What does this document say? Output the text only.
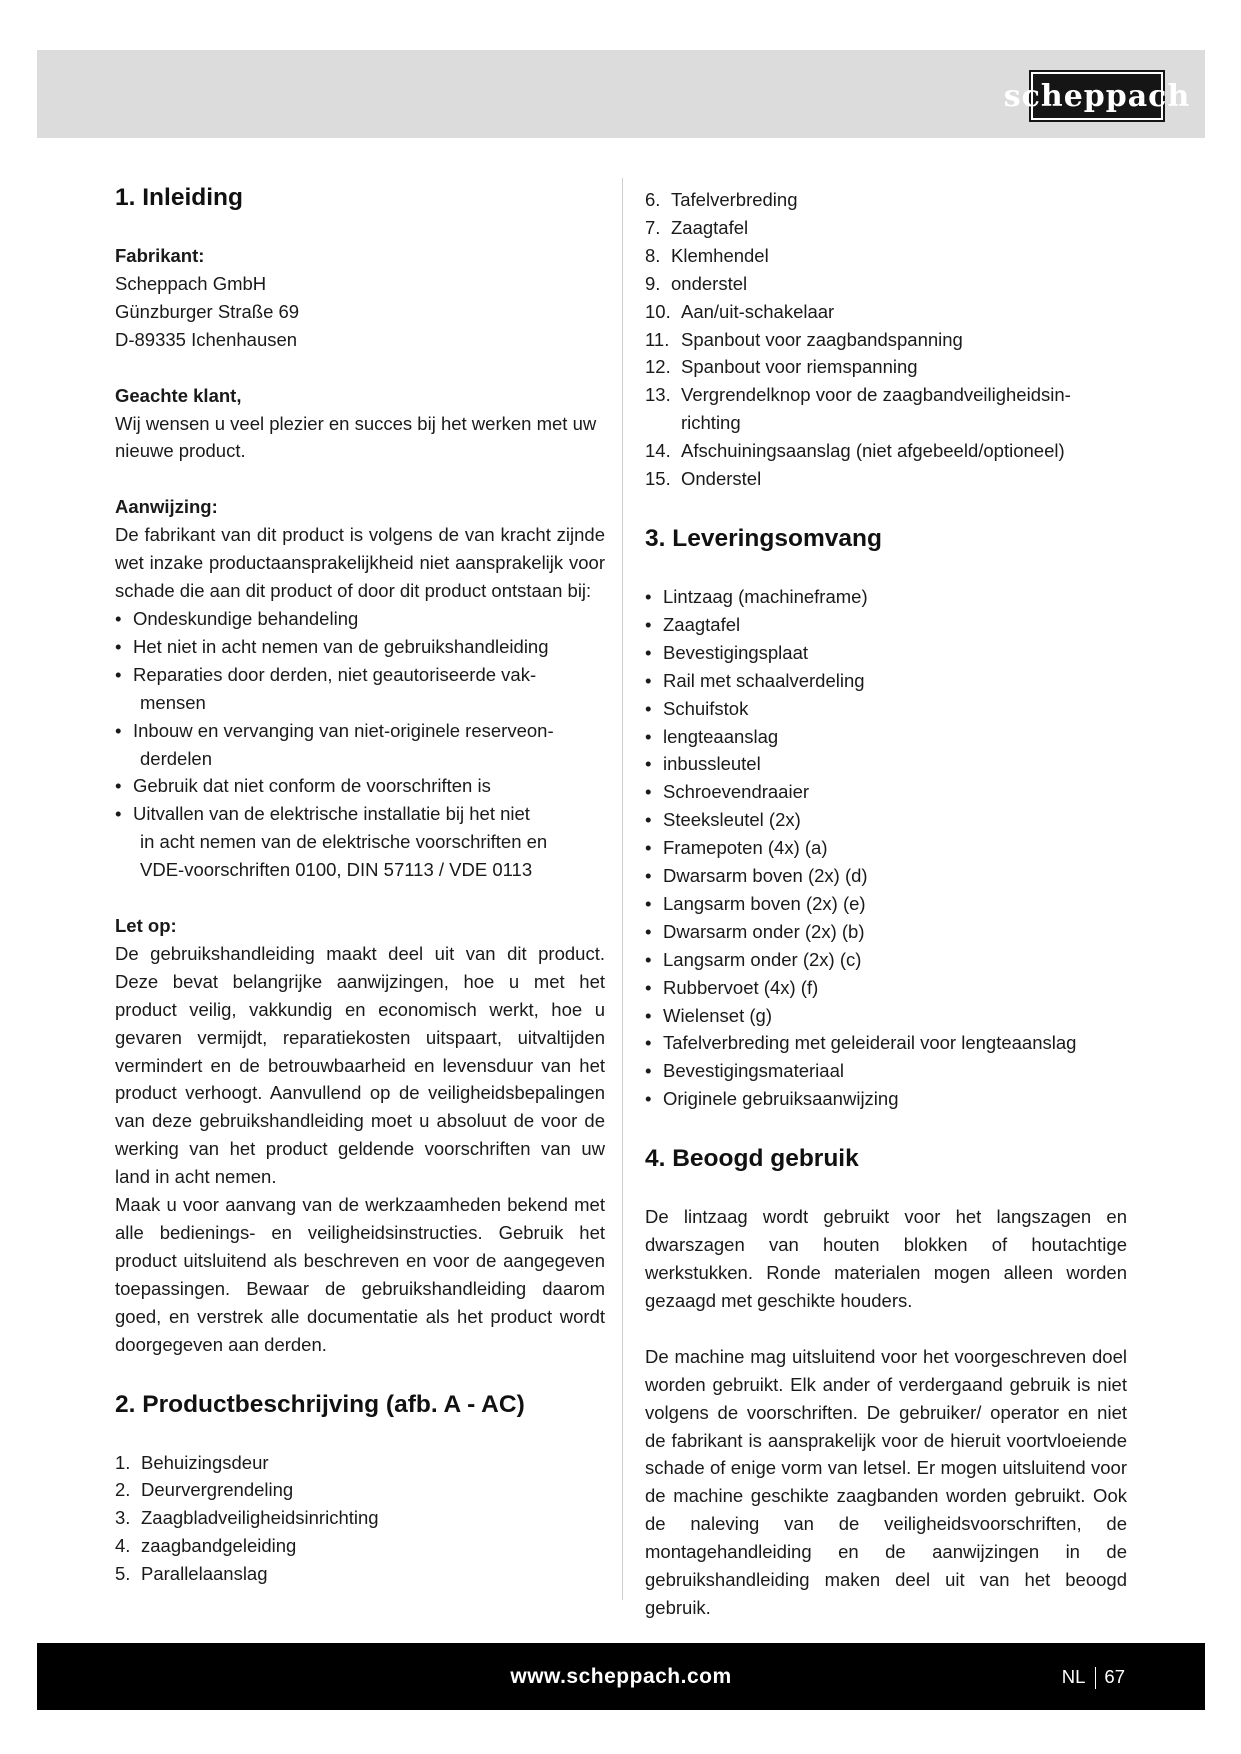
scheppach
1. Inleiding

Fabrikant:

Scheppach GmbH

Günzburger Straße 69

D-89335 Ichenhausen

Geachte klant,

Wij wensen u veel plezier en succes bij het werken met uw nieuwe product.

Aanwijzing:

De fabrikant van dit product is volgens de van kracht zijnde wet inzake productaansprakelijkheid niet aansprakelijk voor schade die aan dit product of door dit product ontstaan bij:

• Ondeskundige behandeling
• Het niet in acht nemen van de gebruikshandleiding
• Reparaties door derden, niet geautoriseerde vak-
mensen
• Inbouw en vervanging van niet-originele reserveon-
derdelen
• Gebruik dat niet conform de voorschriften is
• Uitvallen van de elektrische installatie bij het niet
in acht nemen van de elektrische voorschriften en
VDE-voorschriften 0100, DIN 57113 / VDE 0113

Let op:

De gebruikshandleiding maakt deel uit van dit product. Deze bevat belangrijke aanwijzingen, hoe u met het product veilig, vakkundig en economisch werkt, hoe u gevaren vermijdt, reparatiekosten uitspaart, uitvaltijden vermindert en de betrouwbaarheid en levensduur van het product verhoogt. Aanvullend op de veiligheidsbepalingen van deze gebruikshandleiding moet u absoluut de voor de werking van het product geldende voorschriften van uw land in acht nemen.

Maak u voor aanvang van de werkzaamheden bekend met alle bedienings- en veiligheidsinstructies. Gebruik het product uitsluitend als beschreven en voor de aangegeven toepassingen. Bewaar de gebruikshandleiding daarom goed, en verstrek alle documentatie als het product wordt doorgegeven aan derden.

2. Productbeschrijving (afb. A - AC)
1. Behuizingsdeur
2. Deurvergrendeling
3. Zaagbladveiligheidsinrichting
4. zaagbandgeleiding
5. Parallelaanslag
6. Tafelverbreding
7. Zaagtafel
8. Klemhendel
9. onderstel
10. Aan/uit-schakelaar
11. Spanbout voor zaagbandspanning
12. Spanbout voor riemspanning
13. Vergrendelknop voor de zaagbandveiligheidsin-
richting
14. Afschuiningsaanslag (niet afgebeeld/optioneel)
15. Onderstel
3. Leveringsomvang
• Lintzaag (machineframe)
• Zaagtafel
• Bevestigingsplaat
• Rail met schaalverdeling
• Schuifstok
• lengteaanslag
• inbussleutel
• Schroevendraaier
• Steeksleutel (2x)
• Framepoten (4x) (a)
• Dwarsarm boven (2x) (d)
• Langsarm boven (2x) (e)
• Dwarsarm onder (2x) (b)
• Langsarm onder (2x) (c)
• Rubbervoet (4x) (f)
• Wielenset (g)
• Tafelverbreding met geleiderail voor lengteaanslag
• Bevestigingsmateriaal
• Originele gebruiksaanwijzing
4. Beoogd gebruik

De lintzaag wordt gebruikt voor het langszagen en dwarszagen van houten blokken of houtachtige werkstukken. Ronde materialen mogen alleen worden gezaagd met geschikte houders.

De machine mag uitsluitend voor het voorgeschreven doel worden gebruikt. Elk ander of verdergaand gebruik is niet volgens de voorschriften. De gebruiker/ operator en niet de fabrikant is aansprakelijk voor de hieruit voortvloeiende schade of enige vorm van letsel. Er mogen uitsluitend voor de machine geschikte zaagbanden worden gebruikt. Ook de naleving van de veiligheidsvoorschriften, de montagehandleiding en de aanwijzingen in de gebruikshandleiding maken deel uit van het beoogd gebruik.

www.scheppach.com	NL 67
